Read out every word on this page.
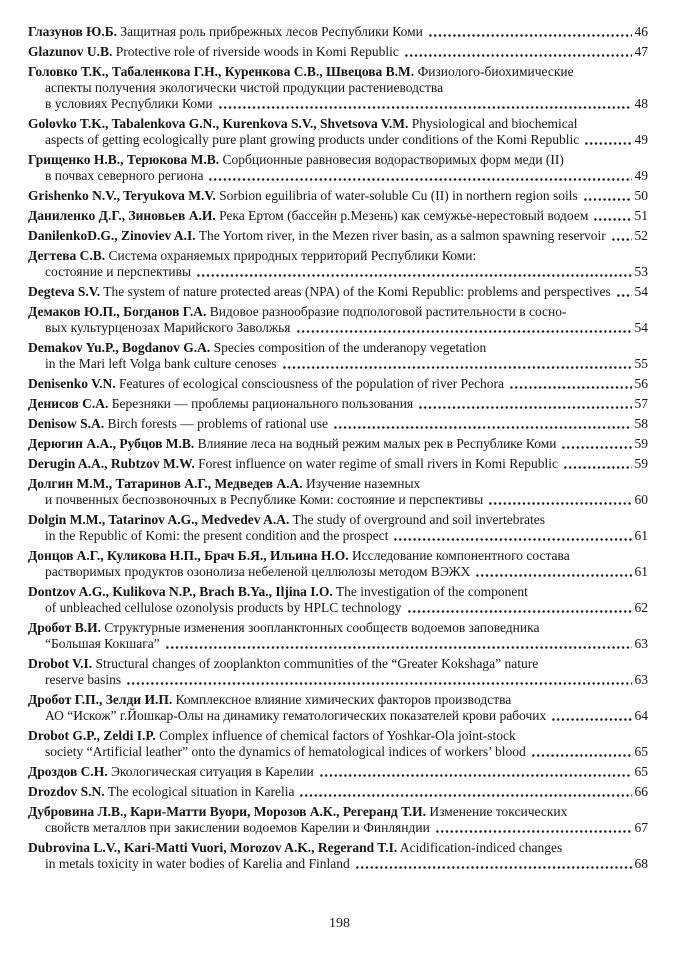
Глазунов Ю.Б. Защитная роль прибрежных лесов Республики Коми	46
Glazunov U.B. Protective role of riverside woods in Komi Republic	47
Головко Т.К., Табаленкова Г.Н., Куренкова С.В., Швецова В.М. Физиолого-биохимические
аспекты получения экологически чистой продукции растениеводства
в условиях Республики Коми	48
Golovko T.K., Tabalenkova G.N., Kurenkova S.V., Shvetsova V.M. Physiological and biochemical
aspects of getting ecologically pure plant growing products under conditions of the Komi Republic	49
Грищенко Н.В., Терюкова М.В. Сорбционные равновесия водорастворимых форм меди (II)
в почвах северного региона	49
Grishenko N.V., Teryukova M.V. Sorbion eguilibria of water-soluble Cu (II) in northern region soils	50
Даниленко Д.Г., Зиновьев А.И. Река Ертом (бассейн р.Мезень) как семужье-нерестовый водоем	51
DanilenkoD.G., Zinoviev A.I. The Yortom river, in the Mezen river basin, as a salmon spawning reservoir 52
Дегтева С.В. Система охраняемых природных территорий Республики Коми:
состояние и перспективы	53
Degteva S.V. The system of nature protected areas (NPA) of the Komi Republic: problems and perspectives 54
Демаков Ю.П., Богданов Г.А. Видовое разнообразие подпологовой растительности в сосно-
вых культурценозах Марийского Заволжья	54
Demakov Yu.P., Bogdanov G.A. Species composition of the underanopy vegetation
in the Mari left Volga bank culture cenoses	55
Denisenko V.N. Features of ecological consciousness of the population of river Pechora	56
Денисов С.А. Березняки — проблемы рационального пользования	57
Denisow S.A. Birch forests — problems of rational use	58
Дерюгин А.А., Рубцов М.В. Влияние леса на водный режим малых рек в Республике Коми	59
Derugin A.A., Rubtzov M.W. Forest influence on water regime of small rivers in Komi Republic	59
Долгин М.М., Татаринов А.Г., Медведев А.А. Изучение наземных
и почвенных беспозвоночных в Республике Коми: состояние и перспективы	60
Dolgin M.M., Tatarinov A.G., Medvedev A.A. The study of overground and soil invertebrates
in the Republic of Komi: the present condition and the prospect	61
Донцов А.Г., Куликова Н.П., Брач Б.Я., Ильина Н.О. Исследование компонентного состава
растворимых продуктов озонолиза небеленой целлюлозы методом ВЭЖХ	61
Dontzov A.G., Kulikova N.P., Brach B.Ya., Iljina I.O. The investigation of the component
of unbleached cellulose ozonolysis products by HPLC technology	62
Дробот В.И. Структурные изменения зоопланктонных сообществ водоемов заповедника
“Большая Кокшага”	63
Drobot V.I. Structural changes of zooplankton communities of the “Greater Kokshaga” nature
reserve basins	63
Дробот Г.П., Зелди И.П. Комплексное влияние химических факторов производства
АО “Искож” г.Йошкар-Олы на динамику гематологических показателей крови рабочих	64
Drobot G.P., Zeldi I.P. Complex influence of chemical factors of Yoshkar-Ola joint-stock
society “Artificial leather” onto the dynamics of hematological indices of workers’ blood	65
Дроздов С.Н. Экологическая ситуация в Карелии	65
Drozdov S.N. The ecological situation in Karelia	66
Дубровина Л.В., Кари-Матти Вуори, Морозов А.К., Регеранд Т.И. Изменение токсических
свойств металлов при закислении водоемов Карелии и Финляндии	67
Dubrovina L.V., Kari-Matti Vuori, Morozov A.K., Regerand T.I. Acidification-indiced changes
in metals toxicity in water bodies of Karelia and Finland	68
198
